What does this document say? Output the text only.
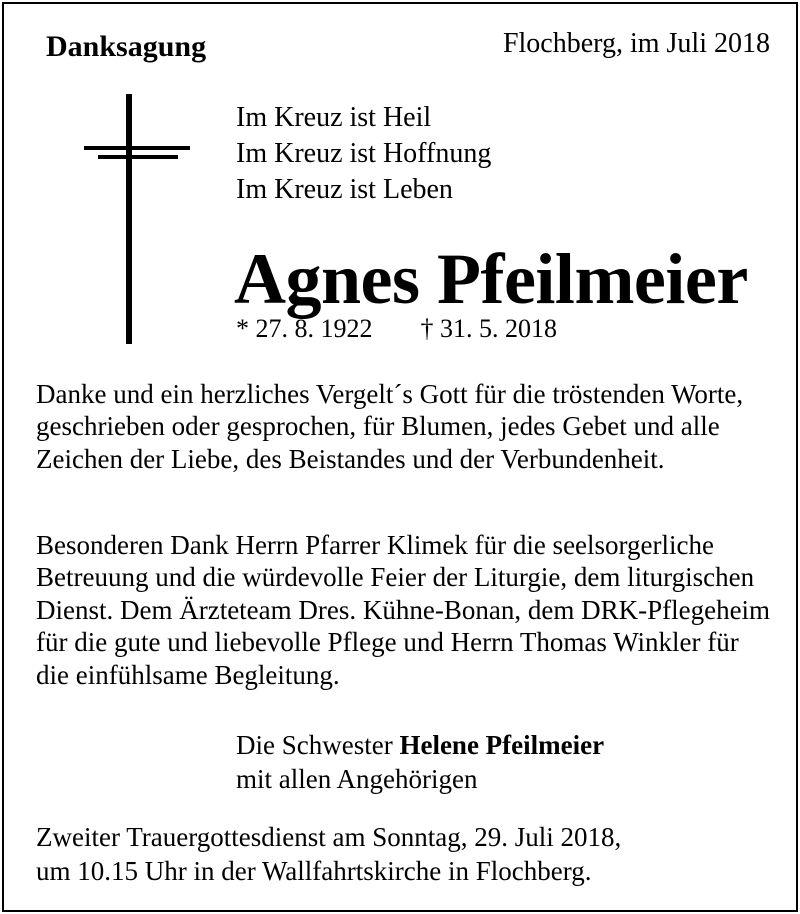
Danksagung	Flochberg, im Juli 2018
Im Kreuz ist Heil
Im Kreuz ist Hoffnung
Im Kreuz ist Leben
Agnes Pfeilmeier
* 27. 8. 1922 † 31. 5. 2018
Danke und ein herzliches Vergelt´s Gott für die tröstenden Worte, geschrieben oder gesprochen, für Blumen, jedes Gebet und alle Zeichen der Liebe, des Beistandes und der Verbundenheit.
Besonderen Dank Herrn Pfarrer Klimek für die seelsorgerliche Betreuung und die würdevolle Feier der Liturgie, dem liturgischen Dienst. Dem Ärzteteam Dres. Kühne-Bonan, dem DRK-Pflegeheim für die gute und liebevolle Pflege und Herrn Thomas Winkler für die einfühlsame Begleitung.
Die Schwester Helene Pfeilmeier
mit allen Angehörigen
Zweiter Trauergottesdienst am Sonntag, 29. Juli 2018,
um 10.15 Uhr in der Wallfahrtskirche in Flochberg.
